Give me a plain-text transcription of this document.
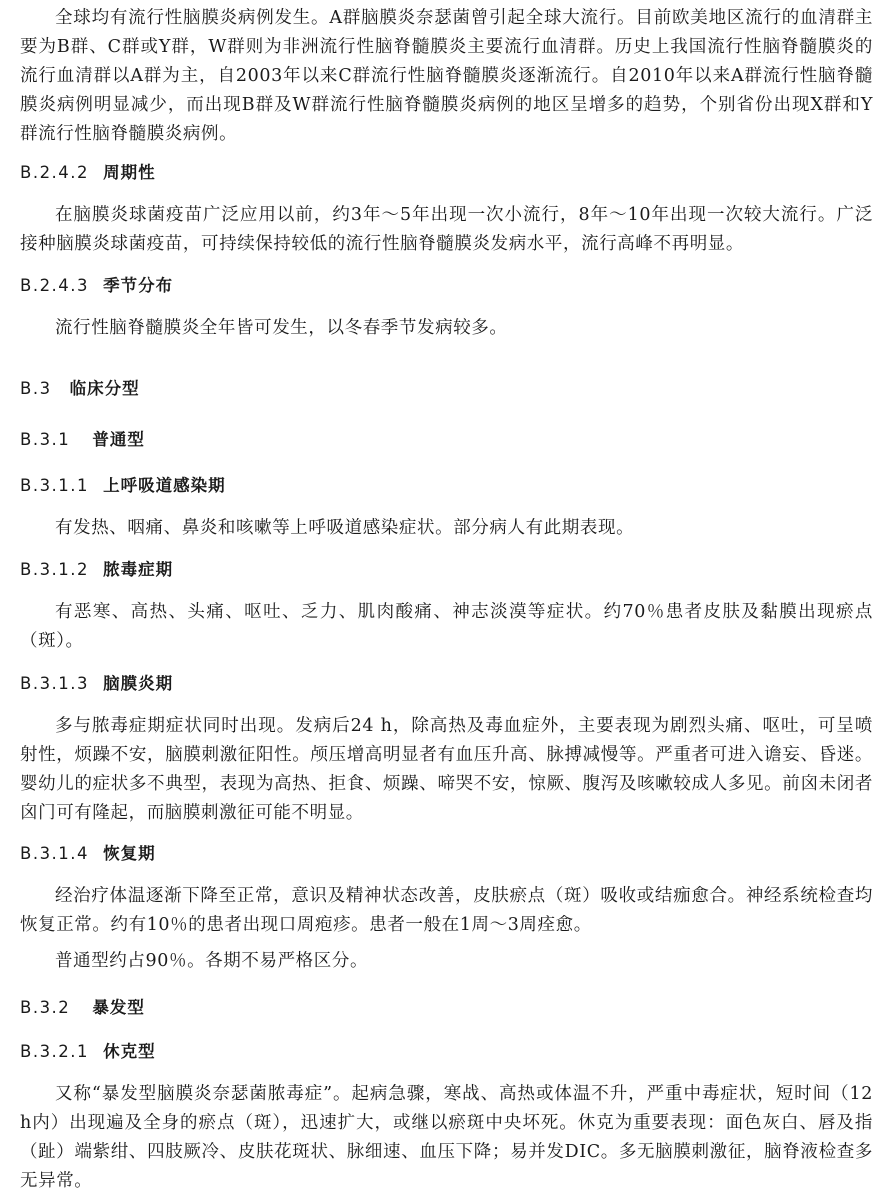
全球均有流行性脑膜炎病例发生。A群脑膜炎奈瑟菌曾引起全球大流行。目前欧美地区流行的血清群主要为B群、C群或Y群，W群则为非洲流行性脑脊髓膜炎主要流行血清群。历史上我国流行性脑脊髓膜炎的流行血清群以A群为主，自2003年以来C群流行性脑脊髓膜炎逐渐流行。自2010年以来A群流行性脑脊髓膜炎病例明显减少，而出现B群及W群流行性脑脊髓膜炎病例的地区呈增多的趋势，个别省份出现X群和Y群流行性脑脊髓膜炎病例。

B.2.4.2 周期性

在脑膜炎球菌疫苗广泛应用以前，约3年～5年出现一次小流行，8年～10年出现一次较大流行。广泛接种脑膜炎球菌疫苗，可持续保持较低的流行性脑脊髓膜炎发病水平，流行高峰不再明显。

B.2.4.3 季节分布

流行性脑脊髓膜炎全年皆可发生，以冬春季节发病较多。

B.3 临床分型

B.3.1 普通型

B.3.1.1 上呼吸道感染期

有发热、咽痛、鼻炎和咳嗽等上呼吸道感染症状。部分病人有此期表现。

B.3.1.2 脓毒症期

有恶寒、高热、头痛、呕吐、乏力、肌肉酸痛、神志淡漠等症状。约70％患者皮肤及黏膜出现瘀点（斑）。

B.3.1.3 脑膜炎期

多与脓毒症期症状同时出现。发病后24 h，除高热及毒血症外，主要表现为剧烈头痛、呕吐，可呈喷射性，烦躁不安，脑膜刺激征阳性。颅压增高明显者有血压升高、脉搏减慢等。严重者可进入谵妄、昏迷。婴幼儿的症状多不典型，表现为高热、拒食、烦躁、啼哭不安，惊厥、腹泻及咳嗽较成人多见。前囟未闭者囟门可有隆起，而脑膜刺激征可能不明显。

B.3.1.4 恢复期

经治疗体温逐渐下降至正常，意识及精神状态改善，皮肤瘀点（斑）吸收或结痂愈合。神经系统检查均恢复正常。约有10％的患者出现口周疱疹。患者一般在1周～3周痊愈。

普通型约占90％。各期不易严格区分。

B.3.2 暴发型

B.3.2.1 休克型

又称“暴发型脑膜炎奈瑟菌脓毒症”。起病急骤，寒战、高热或体温不升，严重中毒症状，短时间（12 h内）出现遍及全身的瘀点（斑），迅速扩大，或继以瘀斑中央坏死。休克为重要表现：面色灰白、唇及指（趾）端紫绀、四肢厥冷、皮肤花斑状、脉细速、血压下降；易并发DIC。多无脑膜刺激征，脑脊液检查多无异常。
